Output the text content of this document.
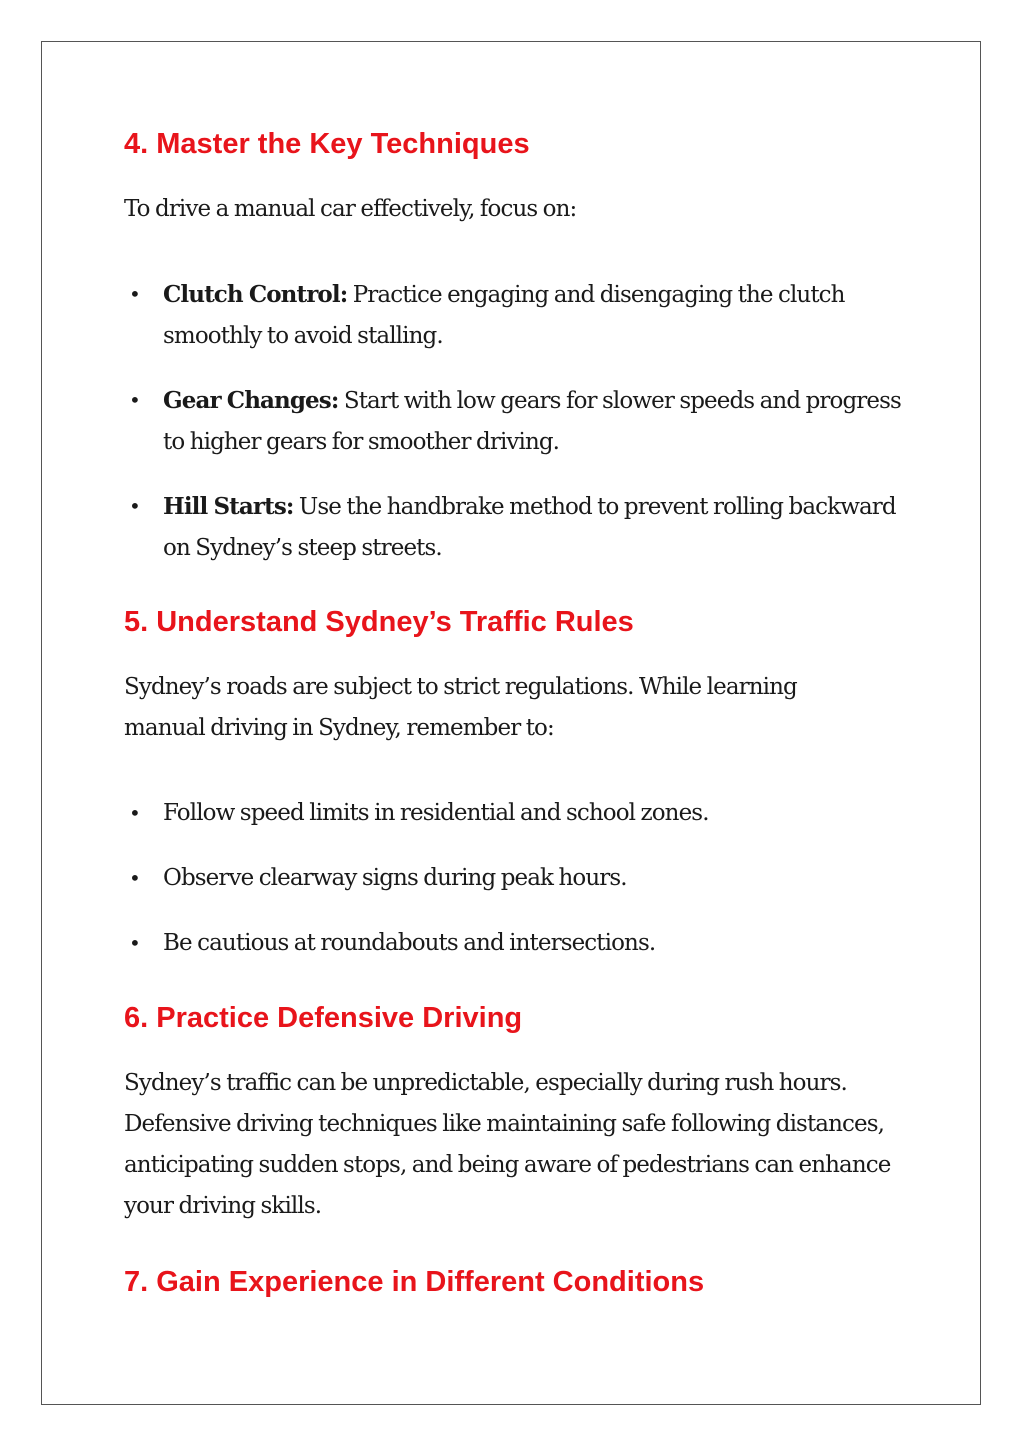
4. Master the Key Techniques

To drive a manual car effectively, focus on:

• Clutch Control: Practice engaging and disengaging the clutch smoothly to avoid stalling.
• Gear Changes: Start with low gears for slower speeds and progress to higher gears for smoother driving.
• Hill Starts: Use the handbrake method to prevent rolling backward on Sydney’s steep streets.
5. Understand Sydney’s Traffic Rules

Sydney’s roads are subject to strict regulations. While learning manual driving in Sydney, remember to:

• Follow speed limits in residential and school zones.
• Observe clearway signs during peak hours.
• Be cautious at roundabouts and intersections.
6. Practice Defensive Driving

Sydney’s traffic can be unpredictable, especially during rush hours. Defensive driving techniques like maintaining safe following distances, anticipating sudden stops, and being aware of pedestrians can enhance your driving skills.

7. Gain Experience in Different Conditions
